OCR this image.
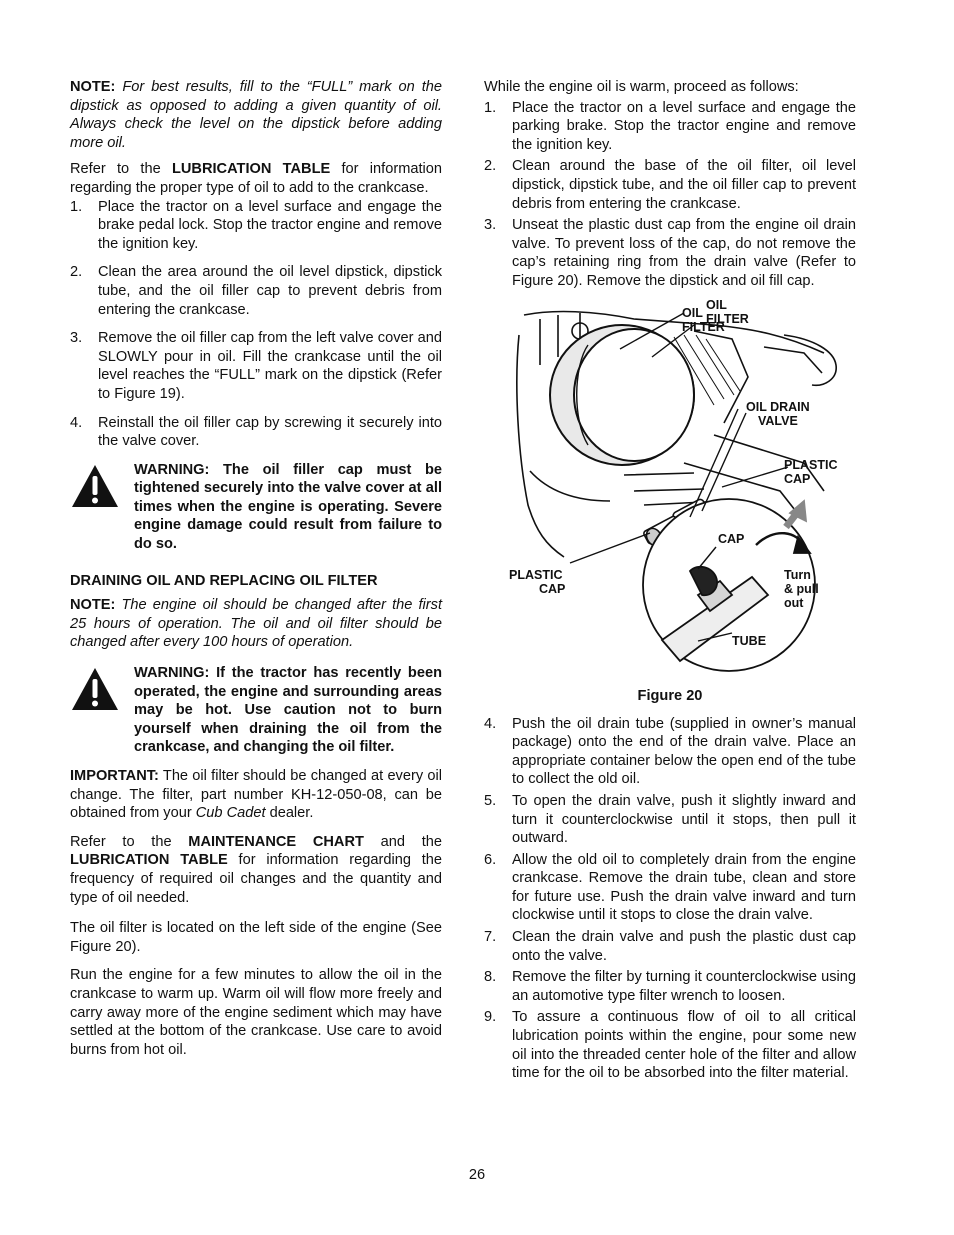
NOTE: For best results, fill to the “FULL” mark on the dipstick as opposed to adding a given quantity of oil. Always check the level on the dipstick before adding more oil.

Refer to the LUBRICATION TABLE for information regarding the proper type of oil to add to the crankcase.

1. Place the tractor on a level surface and engage the brake pedal lock. Stop the tractor engine and remove the ignition key.
2. Clean the area around the oil level dipstick, dipstick tube, and the oil filler cap to prevent debris from entering the crankcase.
3. Remove the oil filler cap from the left valve cover and SLOWLY pour in oil. Fill the crankcase until the oil level reaches the “FULL” mark on the dipstick (Refer to Figure 19).
4. Reinstall the oil filler cap by screwing it securely into the valve cover.
WARNING: The oil filler cap must be tightened securely into the valve cover at all times when the engine is operating. Severe engine damage could result from failure to do so.
DRAINING OIL AND REPLACING OIL FILTER

NOTE: The engine oil should be changed after the first 25 hours of operation. The oil and oil filter should be changed after every 100 hours of operation.

WARNING: If the tractor has recently been operated, the engine and surrounding areas may be hot. Use caution not to burn yourself when draining the oil from the crankcase, and changing the oil filter.

IMPORTANT: The oil filter should be changed at every oil change. The filter, part number KH-12-050-08, can be obtained from your Cub Cadet dealer.

Refer to the MAINTENANCE CHART and the LUBRICATION TABLE for information regarding the frequency of required oil changes and the quantity and type of oil needed.

The oil filter is located on the left side of the engine (See Figure 20).

Run the engine for a few minutes to allow the oil in the crankcase to warm up. Warm oil will flow more freely and carry away more of the engine sediment which may have settled at the bottom of the crankcase. Use care to avoid burns from hot oil.

While the engine oil is warm, proceed as follows:

1. Place the tractor on a level surface and engage the parking brake. Stop the tractor engine and remove the ignition key.
2. Clean around the base of the oil filter, oil level dipstick, dipstick tube, and the oil filler cap to prevent debris from entering the crankcase.
3. Unseat the plastic dust cap from the engine oil drain valve. To prevent loss of the cap, do not remove the cap’s retaining ring from the drain valve (Refer to Figure 20). Remove the dipstick and oil fill cap.
OIL
FILTER
OIL
FILTER
OIL DRAIN
VALVE
PLASTIC
CAP
PLASTIC
CAP
CAP
Turn
& pull
out
TUBE
Figure 20
4. Push the oil drain tube (supplied in owner’s manual package) onto the end of the drain valve. Place an appropriate container below the open end of the tube to collect the old oil.
5. To open the drain valve, push it slightly inward and turn it counterclockwise until it stops, then pull it outward.
6. Allow the old oil to completely drain from the engine crankcase. Remove the drain tube, clean and store for future use. Push the drain valve inward and turn clockwise until it stops to close the drain valve.
7. Clean the drain valve and push the plastic dust cap onto the valve.
8. Remove the filter by turning it counterclockwise using an automotive type filter wrench to loosen.
9. To assure a continuous flow of oil to all critical lubrication points within the engine, pour some new oil into the threaded center hole of the filter and allow time for the oil to be absorbed into the filter material.
26
